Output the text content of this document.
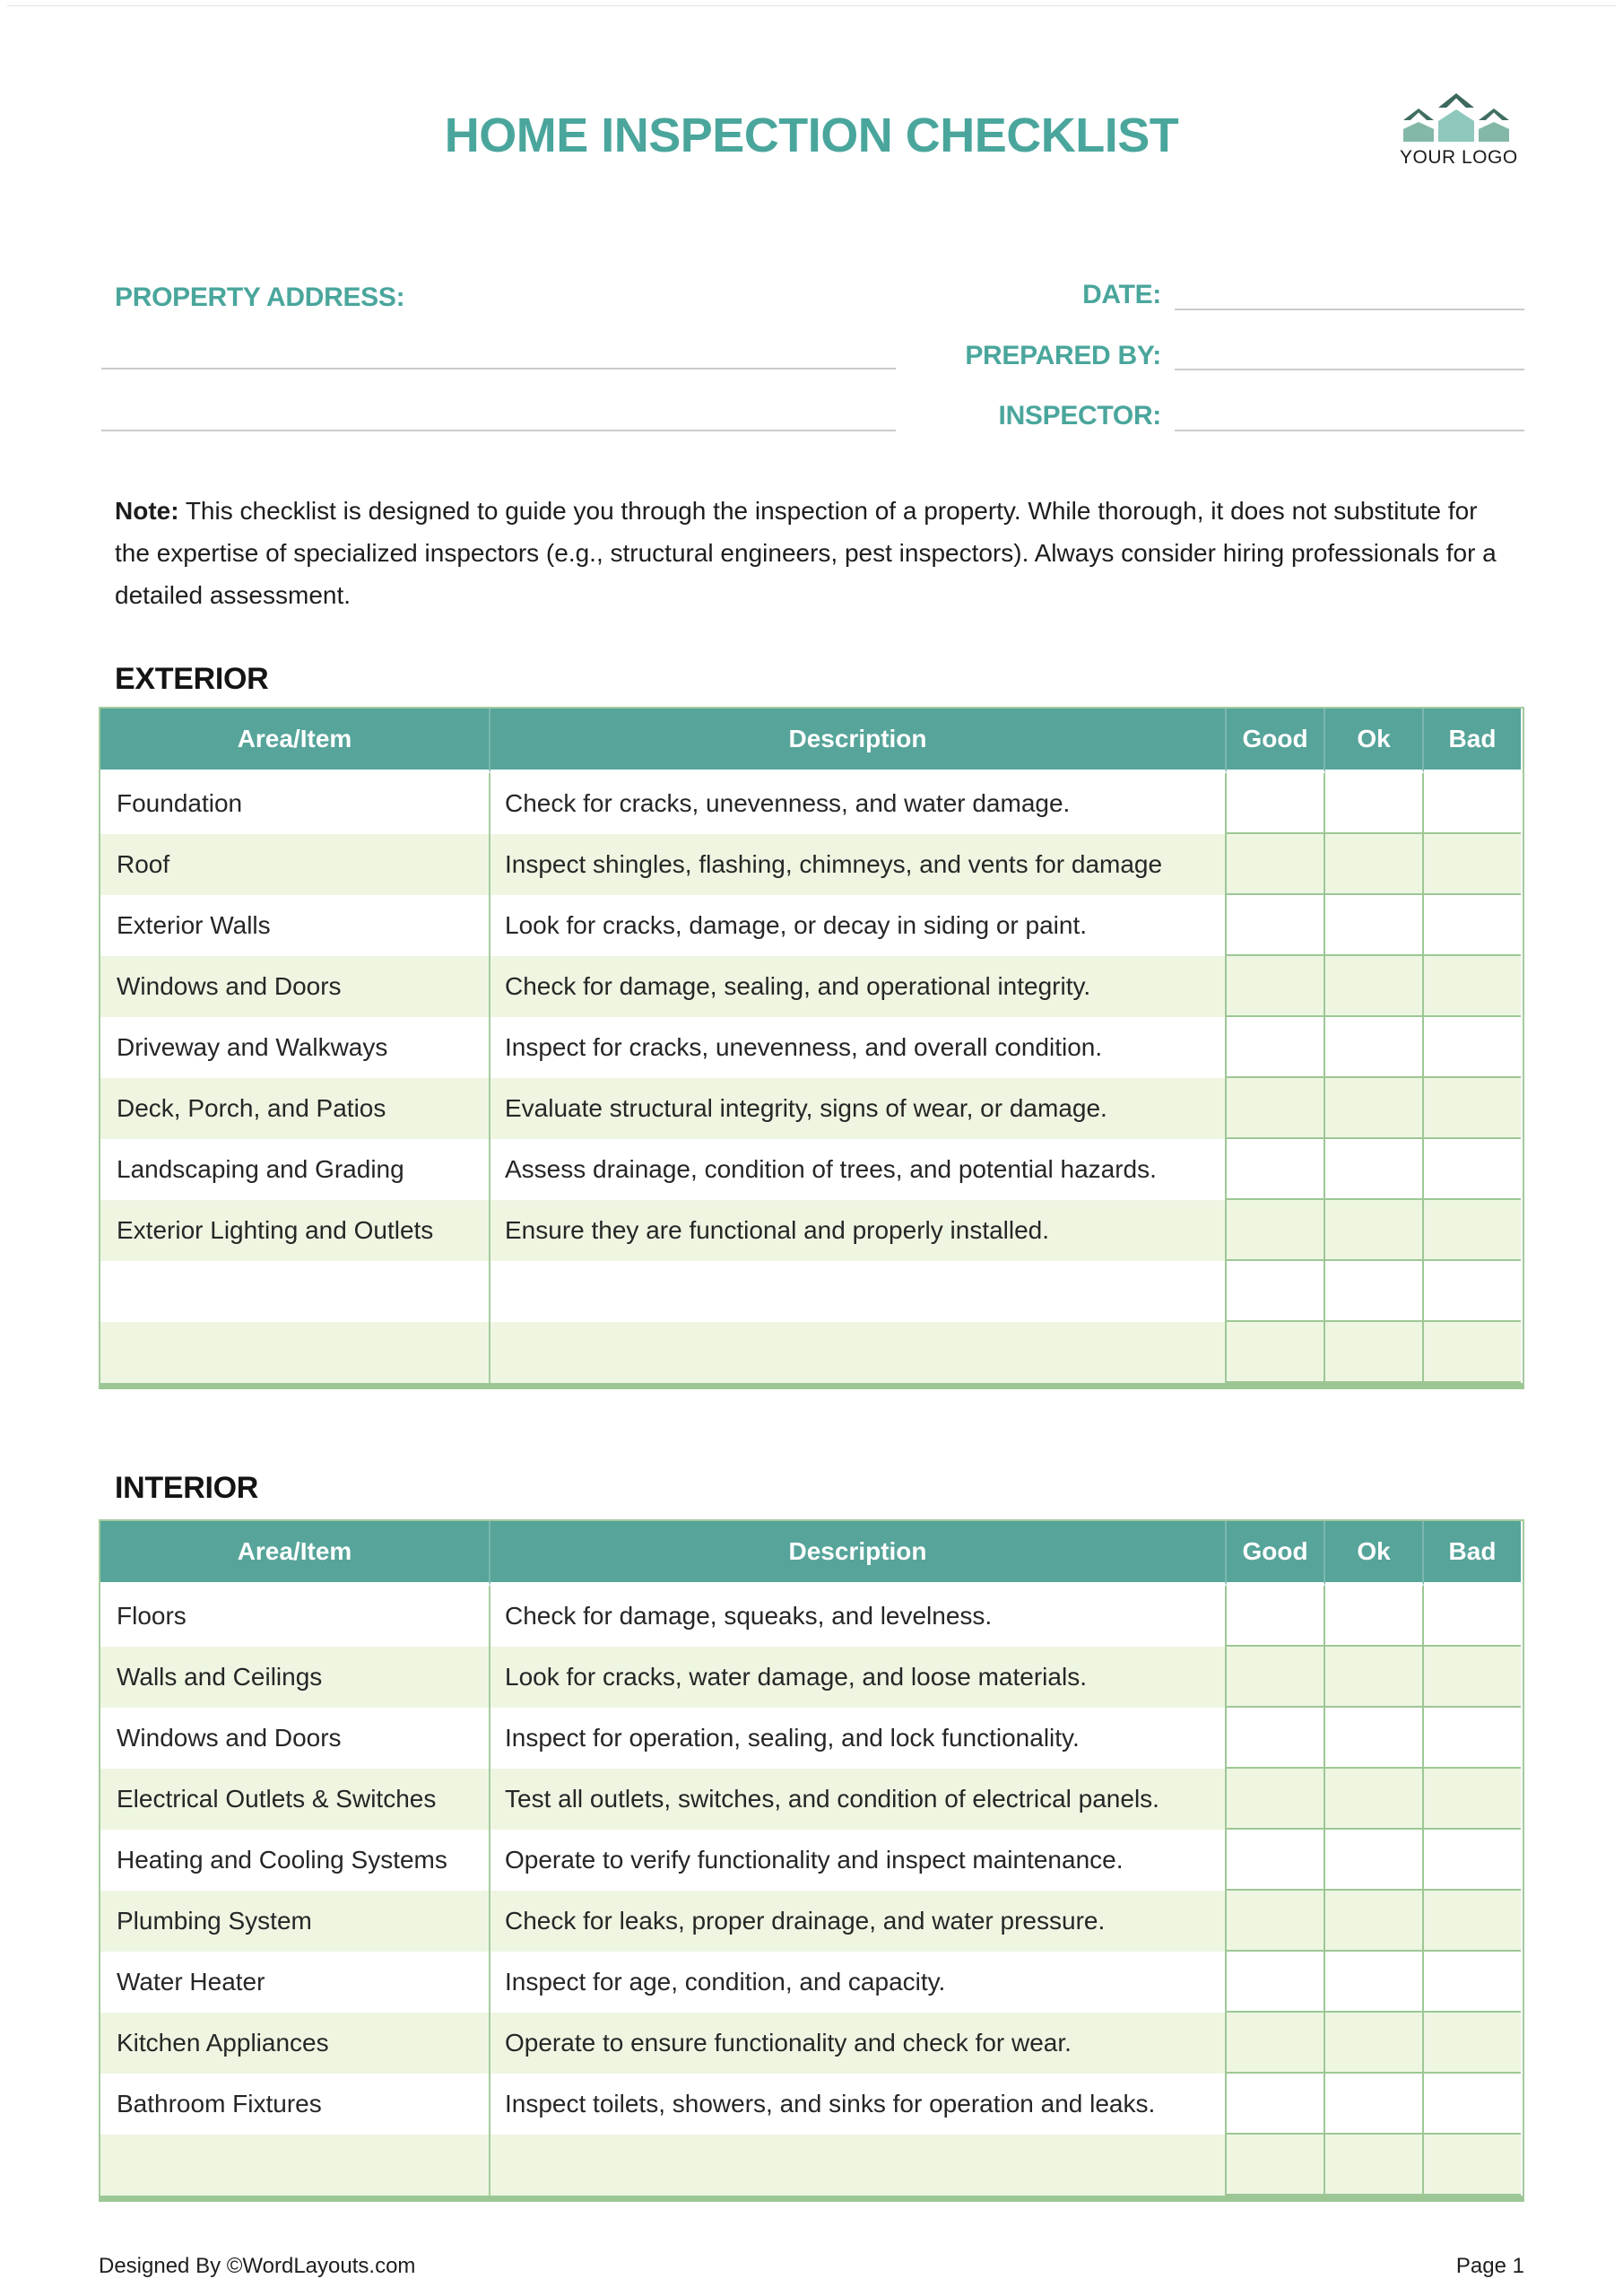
HOME INSPECTION CHECKLIST	YOUR LOGO
PROPERTY ADDRESS:	DATE:
PREPARED BY:
INSPECTOR:

Note: This checklist is designed to guide you through the inspection of a property. While thorough, it does not substitute for the expertise of specialized inspectors (e.g., structural engineers, pest inspectors). Always consider hiring professionals for a detailed assessment.

EXTERIOR
Area/Item	Description	Good	Ok	Bad
Foundation	Check for cracks, unevenness, and water damage.
Roof	Inspect shingles, flashing, chimneys, and vents for damage
Exterior Walls	Look for cracks, damage, or decay in siding or paint.
Windows and Doors	Check for damage, sealing, and operational integrity.
Driveway and Walkways	Inspect for cracks, unevenness, and overall condition.
Deck, Porch, and Patios	Evaluate structural integrity, signs of wear, or damage.
Landscaping and Grading	Assess drainage, condition of trees, and potential hazards.
Exterior Lighting and Outlets	Ensure they are functional and properly installed.
INTERIOR
Area/Item	Description	Good	Ok	Bad
Floors	Check for damage, squeaks, and levelness.
Walls and Ceilings	Look for cracks, water damage, and loose materials.
Windows and Doors	Inspect for operation, sealing, and lock functionality.
Electrical Outlets & Switches	Test all outlets, switches, and condition of electrical panels.
Heating and Cooling Systems	Operate to verify functionality and inspect maintenance.
Plumbing System	Check for leaks, proper drainage, and water pressure.
Water Heater	Inspect for age, condition, and capacity.
Kitchen Appliances	Operate to ensure functionality and check for wear.
Bathroom Fixtures	Inspect toilets, showers, and sinks for operation and leaks.
Designed By ©WordLayouts.com	Page 1
